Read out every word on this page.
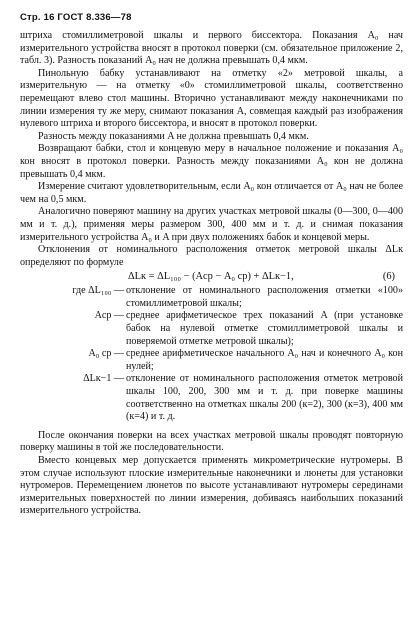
Стр. 16 ГОСТ 8.336—78

штриха стомиллиметровой шкалы и первого биссектора. Показания A₀ нач измерительного устройства вносят в протокол поверки (см. обязательное приложение 2, табл. 3). Разность показаний A₀ нач не должна превышать 0,4 мкм.

Пинольную бабку устанавливают на отметку «2» метровой шкалы, а измерительную — на отметку «0» стомиллиметровой шкалы, соответственно перемещают влево стол машины. Вторично устанавливают между наконечниками по линии измерения ту же меру, снимают показания A, совмещая каждый раз изображения нулевого штриха и второго биссектора, и вносят в протокол поверки.

Разность между показаниями A не должна превышать 0,4 мкм.

Возвращают бабки, стол и концевую меру в начальное положение и показания A₀ кон вносят в протокол поверки. Разность между показаниями A₀ кон не должна превышать 0,4 мкм.

Измерение считают удовлетворительным, если A₀ кон отличается от A₀ нач не более чем на 0,5 мкм.

Аналогично поверяют машину на других участках метровой шкалы (0—300, 0—400 мм и т. д.), применяя меры размером 300, 400 мм и т. д. и снимая показания измерительного устройства A₀ и A при двух положениях бабок и концевой меры.

Отклонения от номинального расположения отметок метровой шкалы ΔLк определяют по формуле

ΔLк = ΔL₁₀₀ − (Aср − A₀ ср) + ΔLк−1,	(6)
где ΔL₁₀₀ — отклонение от номинального расположения отметки «100» стомиллиметровой шкалы;
Aср — среднее арифметическое трех показаний A (при установке бабок на нулевой отметке стомиллиметровой шкалы и поверяемой отметке метровой шкалы);
A₀ ср — среднее арифметическое начального A₀ нач и конечного A₀ кон нулей;
ΔLк−1 — отклонение от номинального расположения отметок метровой шкалы 100, 200, 300 мм и т. д. при поверке машины соответственно на отметках шкалы 200 (к=2), 300 (к=3), 400 мм (к=4) и т. д.

После окончания поверки на всех участках метровой шкалы проводят повторную поверку машины в той же последовательности.

Вместо концевых мер допускается применять микрометрические нутромеры. В этом случае используют плоские измерительные наконечники и люнеты для установки нутромеров. Перемещением люнетов по высоте устанавливают нутромеры серединами измерительных поверхностей по линии измерения, добиваясь наибольших показаний измерительного устройства.
